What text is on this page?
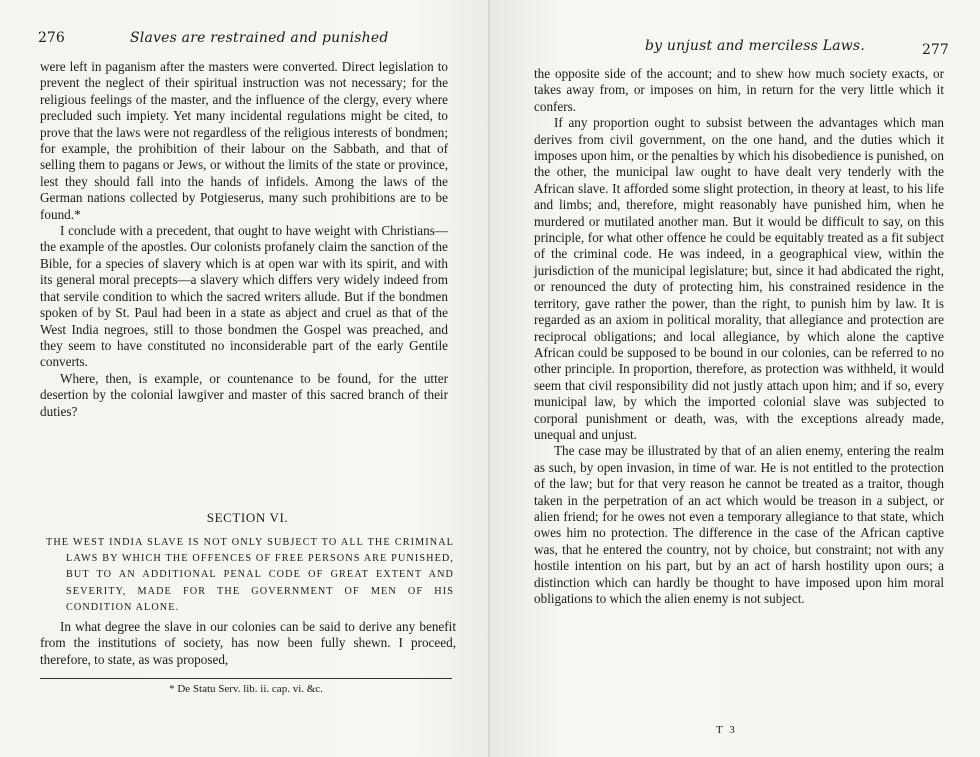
276	Slaves are restrained and punished

were left in paganism after the masters were converted. Direct legislation to prevent the neglect of their spiritual instruction was not necessary; for the religious feelings of the master, and the influence of the clergy, every where precluded such impiety. Yet many incidental regulations might be cited, to prove that the laws were not regardless of the religious interests of bondmen; for example, the prohibition of their labour on the Sabbath, and that of selling them to pagans or Jews, or without the limits of the state or province, lest they should fall into the hands of infidels. Among the laws of the German nations collected by Potgieserus, many such prohibitions are to be found.*

I conclude with a precedent, that ought to have weight with Christians—the example of the apostles. Our colonists profanely claim the sanction of the Bible, for a species of slavery which is at open war with its spirit, and with its general moral precepts—a slavery which differs very widely indeed from that servile condition to which the sacred writers allude. But if the bondmen spoken of by St. Paul had been in a state as abject and cruel as that of the West India negroes, still to those bondmen the Gospel was preached, and they seem to have constituted no inconsiderable part of the early Gentile converts.

Where, then, is example, or countenance to be found, for the utter desertion by the colonial lawgiver and master of this sacred branch of their duties?

SECTION VI.
THE WEST INDIA SLAVE IS NOT ONLY SUBJECT TO ALL THE CRIMINAL LAWS BY WHICH THE OFFENCES OF FREE PERSONS ARE PUNISHED, BUT TO AN ADDITIONAL PENAL CODE OF GREAT EXTENT AND SEVERITY, MADE FOR THE GOVERNMENT OF MEN OF HIS CONDITION ALONE.

In what degree the slave in our colonies can be said to derive any benefit from the institutions of society, has now been fully shewn. I proceed, therefore, to state, as was proposed,

* De Statu Serv. lib. ii. cap. vi. &c.
by unjust and merciless Laws.	277

the opposite side of the account; and to shew how much society exacts, or takes away from, or imposes on him, in return for the very little which it confers.

If any proportion ought to subsist between the advantages which man derives from civil government, on the one hand, and the duties which it imposes upon him, or the penalties by which his disobedience is punished, on the other, the municipal law ought to have dealt very tenderly with the African slave. It afforded some slight protection, in theory at least, to his life and limbs; and, therefore, might reasonably have punished him, when he murdered or mutilated another man. But it would be difficult to say, on this principle, for what other offence he could be equitably treated as a fit subject of the criminal code. He was indeed, in a geographical view, within the jurisdiction of the municipal legislature; but, since it had abdicated the right, or renounced the duty of protecting him, his constrained residence in the territory, gave rather the power, than the right, to punish him by law. It is regarded as an axiom in political morality, that allegiance and protection are reciprocal obligations; and local allegiance, by which alone the captive African could be supposed to be bound in our colonies, can be referred to no other principle. In proportion, therefore, as protection was withheld, it would seem that civil responsibility did not justly attach upon him; and if so, every municipal law, by which the imported colonial slave was subjected to corporal punishment or death, was, with the exceptions already made, unequal and unjust.

The case may be illustrated by that of an alien enemy, entering the realm as such, by open invasion, in time of war. He is not entitled to the protection of the law; but for that very reason he cannot be treated as a traitor, though taken in the perpetration of an act which would be treason in a subject, or alien friend; for he owes not even a temporary allegiance to that state, which owes him no protection. The difference in the case of the African captive was, that he entered the country, not by choice, but constraint; not with any hostile intention on his part, but by an act of harsh hostility upon ours; a distinction which can hardly be thought to have imposed upon him moral obligations to which the alien enemy is not subject.

T 3
